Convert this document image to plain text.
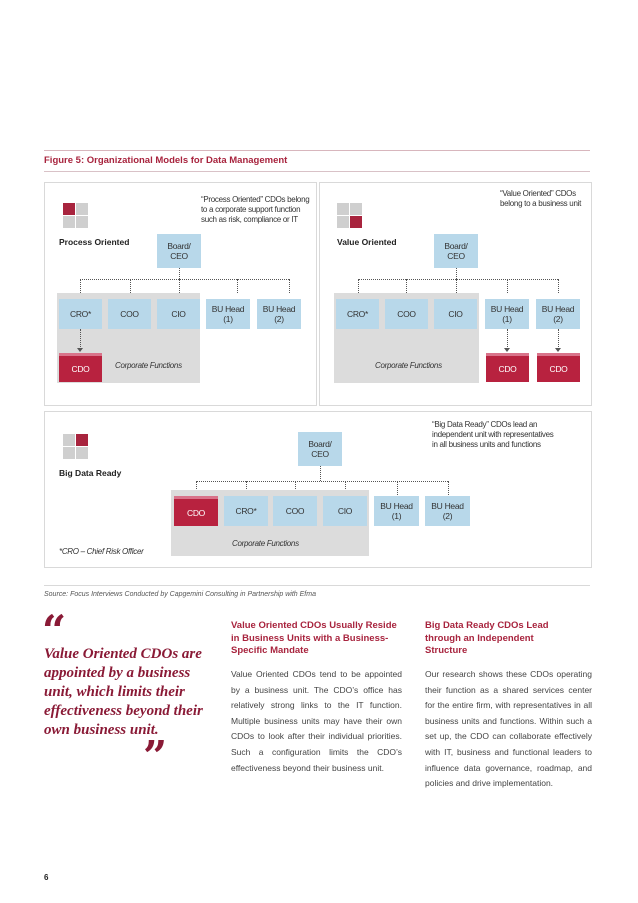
Figure 5: Organizational Models for Data Management
Process Oriented
“Process Oriented” CDOs belong
to a corporate support function
such as risk, compliance or IT
Board/
CEO
CRO*	COO	CIO	BU Head
(1)
BU Head
(2)
CDO	Corporate Functions
Value Oriented
“Value Oriented” CDOs
belong to a business unit
Board/
CEO
CRO*	COO	CIO	BU Head
(1)
BU Head
(2)
Corporate Functions	CDO	CDO
Big Data Ready
“Big Data Ready” CDOs lead an
independent unit with representatives
in all business units and functions
Board/
CEO
CDO	CRO*	COO	CIO	BU Head
(1)
BU Head
(2)
Corporate Functions
*CRO – Chief Risk Officer
Source: Focus Interviews Conducted by Capgemini Consulting in Partnership with Efma
“
Value Oriented CDOs are appointed by a business unit, which limits their effectiveness beyond their own business unit.
”
Value Oriented CDOs Usually Reside in Business Units with a Business-Specific Mandate
Value Oriented CDOs tend to be appointed by a business unit. The CDO’s office has relatively strong links to the IT function. Multiple business units may have their own CDOs to look after their individual priorities. Such a configuration limits the CDO’s effectiveness beyond their business unit.
Big Data Ready CDOs Lead through an Independent Structure
Our research shows these CDOs operating their function as a shared services center for the entire firm, with representatives in all business units and functions. Within such a set up, the CDO can collaborate effectively with IT, business and functional leaders to influence data governance, roadmap, and policies and drive implementation.
6
